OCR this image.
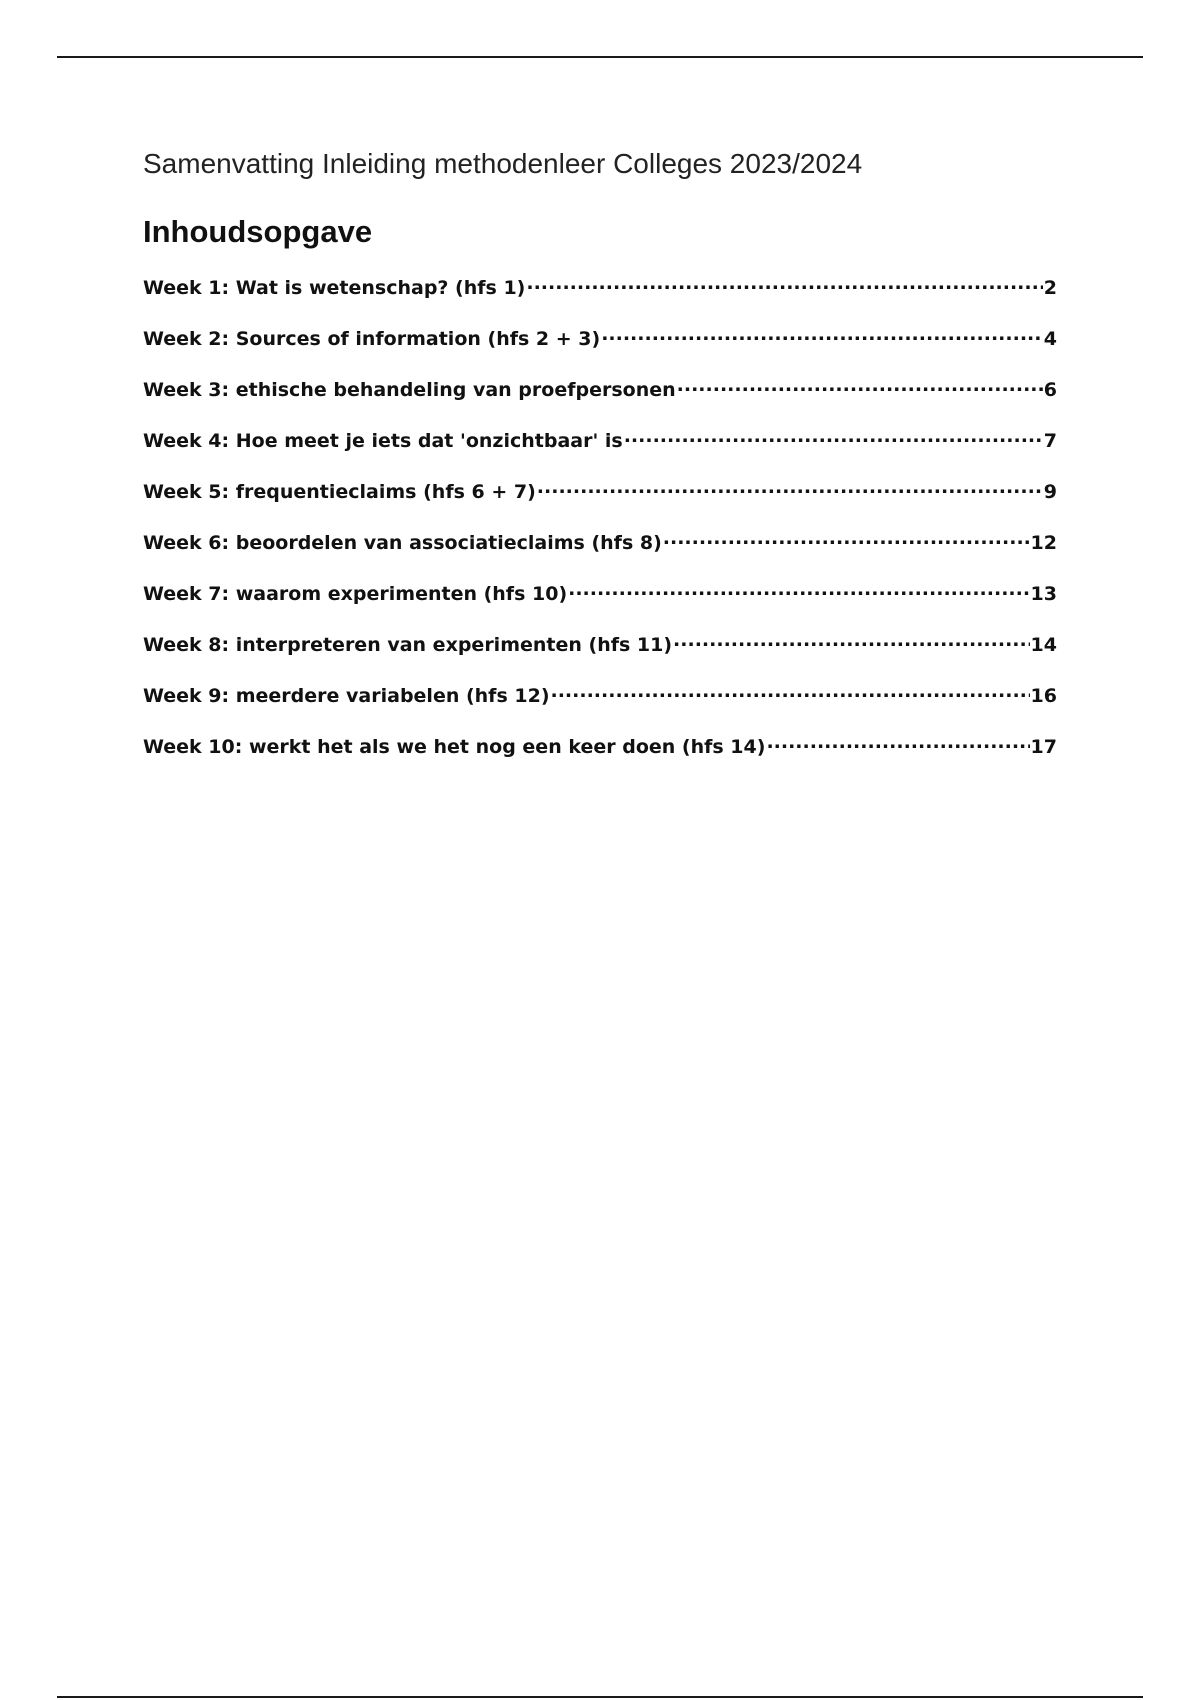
Samenvatting Inleiding methodenleer Colleges 2023/2024
Inhoudsopgave
Week 1: Wat is wetenschap? (hfs 1) .....	2
Week 2: Sources of information (hfs 2 + 3) .....	4
Week 3: ethische behandeling van proefpersonen .....	6
Week 4: Hoe meet je iets dat 'onzichtbaar' is .....	7
Week 5: frequentieclaims (hfs 6 + 7) .....	9
Week 6: beoordelen van associatieclaims (hfs 8) .....	12
Week 7: waarom experimenten (hfs 10) .....	13
Week 8: interpreteren van experimenten (hfs 11) .....	14
Week 9: meerdere variabelen (hfs 12) .....	16
Week 10: werkt het als we het nog een keer doen (hfs 14) .....	17
